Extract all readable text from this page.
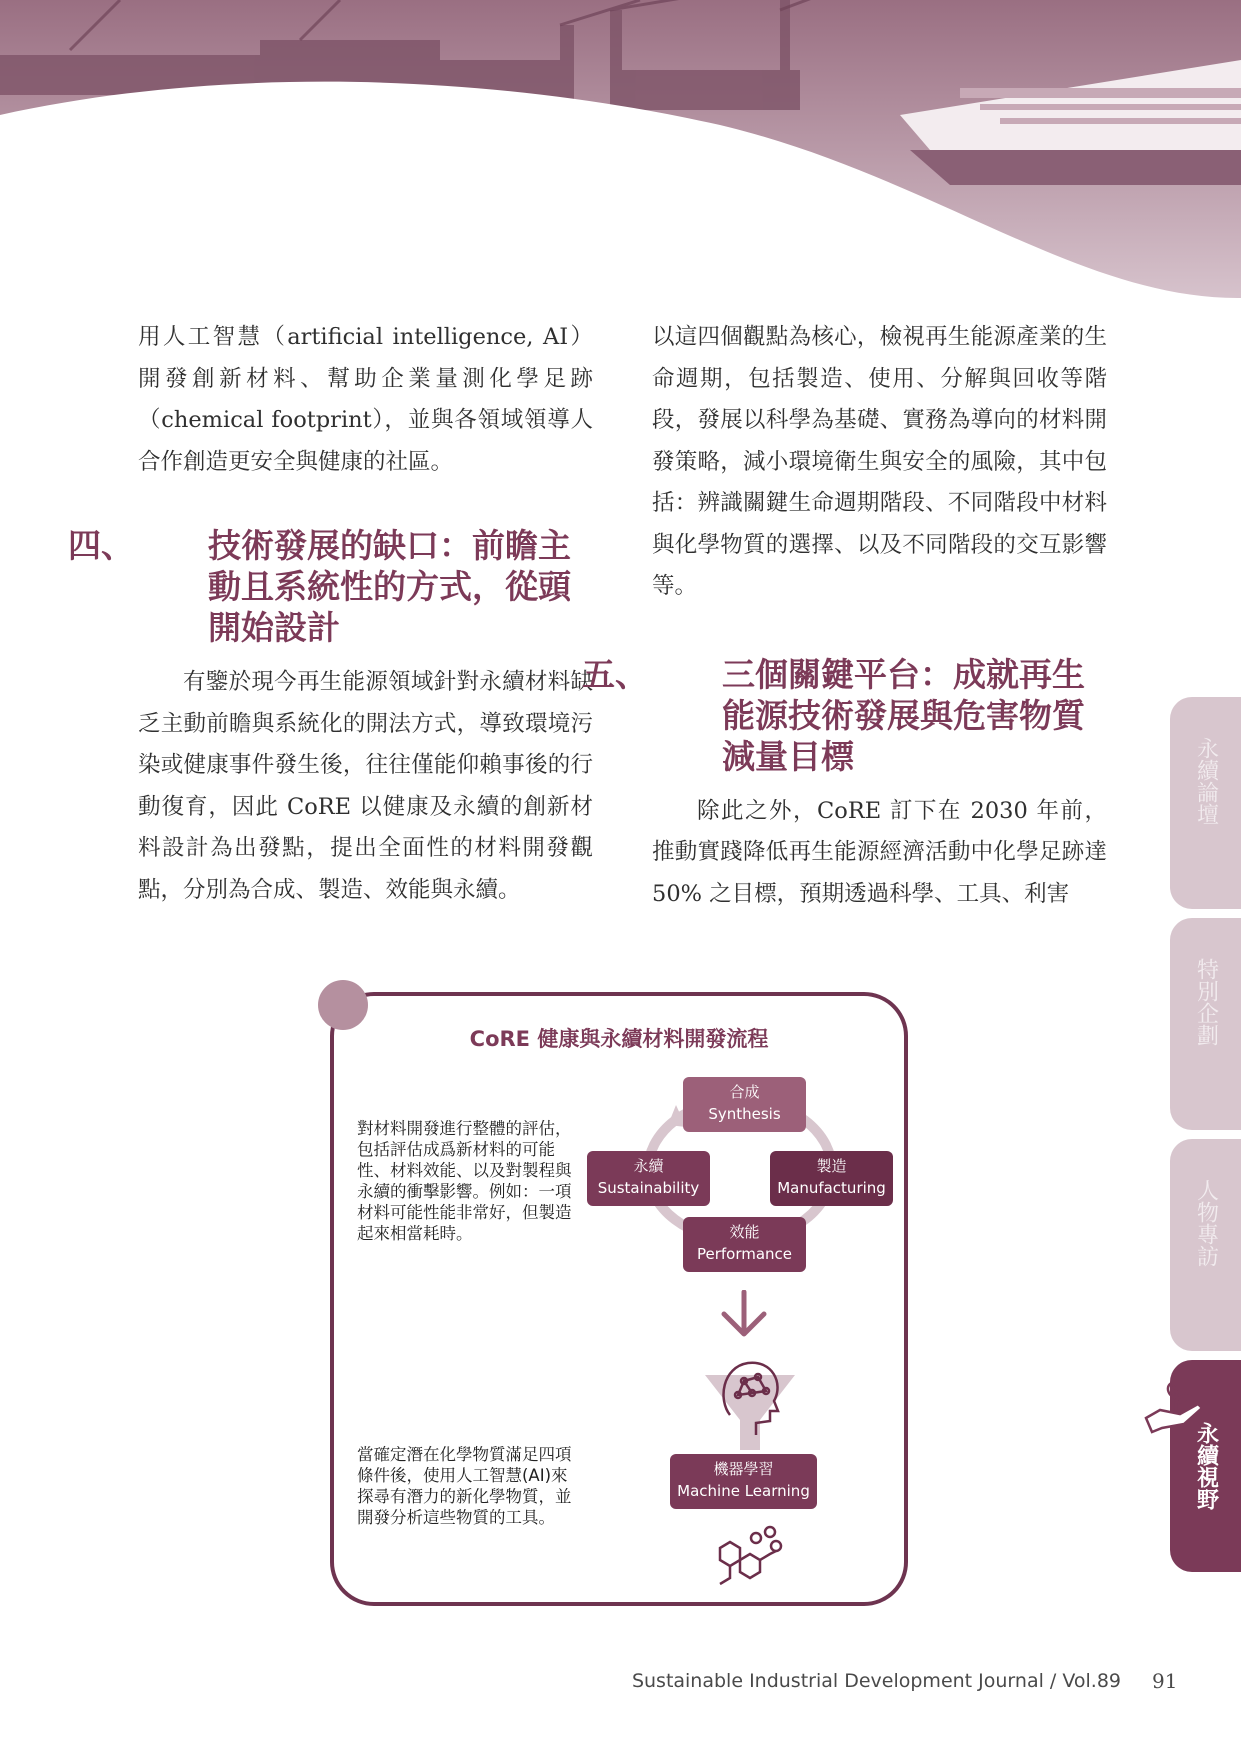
用人工智慧（artificial intelligence, AI）開發創新材料、幫助企業量測化學足跡（chemical footprint），並與各領域領導人合作創造更安全與健康的社區。

四、 技術發展的缺口：前瞻主動且系統性的方式，從頭開始設計

有鑒於現今再生能源領域針對永續材料缺乏主動前瞻與系統化的開法方式，導致環境污染或健康事件發生後，往往僅能仰賴事後的行動復育，因此 CoRE 以健康及永續的創新材料設計為出發點，提出全面性的材料開發觀點，分別為合成、製造、效能與永續。

以這四個觀點為核心，檢視再生能源產業的生命週期，包括製造、使用、分解與回收等階段，發展以科學為基礎、實務為導向的材料開發策略，減小環境衛生與安全的風險，其中包括：辨識關鍵生命週期階段、不同階段中材料與化學物質的選擇、以及不同階段的交互影響等。

五、 三個關鍵平台：成就再生能源技術發展與危害物質減量目標

除此之外，CoRE 訂下在 2030 年前，推動實踐降低再生能源經濟活動中化學足跡達 50% 之目標，預期透過科學、工具、利害

永續論壇
特別企劃
人物專訪
永續視野
CoRE 健康與永續材料開發流程
對材料開發進行整體的評估，包括評估成爲新材料的可能性、材料效能、以及對製程與永續的衝擊影響。例如：一項材料可能性能非常好，但製造起來相當耗時。
當確定潛在化學物質滿足四項條件後，使用人工智慧(AI)來探尋有潛力的新化學物質，並開發分析這些物質的工具。
合成
Synthesis
永續
Sustainability
製造
Manufacturing
效能
Performance
機器學習
Machine Learning
Sustainable Industrial Development Journal / Vol.89 91
